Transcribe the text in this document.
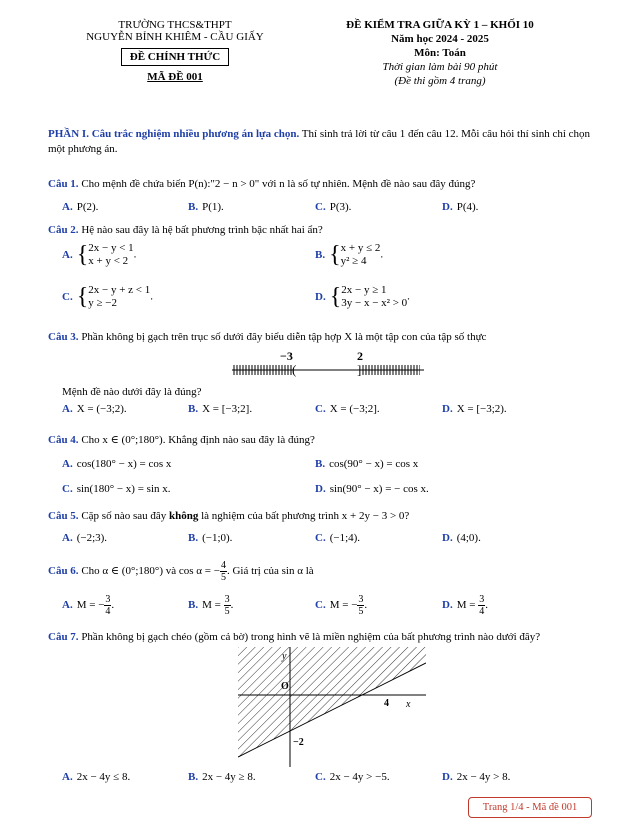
TRƯỜNG THCS&THPT
NGUYỄN BỈNH KHIÊM - CẦU GIẤY
ĐỀ CHÍNH THỨC
MÃ ĐỀ 001
ĐỀ KIỂM TRA GIỮA KỲ 1 – KHỐI 10
Năm học 2024 - 2025
Môn: Toán
Thời gian làm bài 90 phút
(Đề thi gồm 4 trang)
PHẦN I. Câu trắc nghiệm nhiều phương án lựa chọn. Thí sinh trả lời từ câu 1 đến câu 12. Mỗi câu hỏi thí sinh chỉ chọn một phương án.
Câu 1. Cho mệnh đề chứa biến P(n):"2 − n > 0" với n là số tự nhiên. Mệnh đề nào sau đây đúng?
A. P(2).	B. P(1).	C. P(3).	D. P(4).
Câu 2. Hệ nào sau đây là hệ bất phương trình bậc nhất hai ẩn?
A. {2x − y < 1
x + y < 2.	B. {x + y ≤ 2
y² ≥ 4.
C. {2x − y + z < 1
y ≥ −2.	D. {2x − y ≥ 1
3y − x − x² > 0.
Câu 3. Phần không bị gạch trên trục số dưới đây biểu diễn tập hợp X là một tập con của tập số thực
(	]
−3	2
Mệnh đề nào dưới đây là đúng?
A. X = (−3;2).	B. X = [−3;2].	C. X = (−3;2].	D. X = [−3;2).
Câu 4. Cho x ∈ (0°;180°). Khẳng định nào sau đây là đúng?
A. cos(180° − x) = cos x	B. cos(90° − x) = cos x
C. sin(180° − x) = sin x.	D. sin(90° − x) = − cos x.
Câu 5. Cặp số nào sau đây không là nghiệm của bất phương trình x + 2y − 3 > 0?
A. (−2;3).	B. (−1;0).	C. (−1;4).	D. (4;0).
Câu 6. Cho α ∈ (0°;180°) và cos α = − $\frac{4}{5}$ . Giá trị của sin α là
A. M = − $\frac{3}{4}$ .	B. $M = \frac{3}{5}$ .	C. M = − $\frac{3}{5}$ .	D. $M = \frac{3}{4}$ .
Câu 7. Phần không bị gạch chéo (gồm cả bờ) trong hình vẽ là miền nghiệm của bất phương trình nào dưới đây?
y
x
O
4
−2
A. 2x − 4y ≤ 8.	B. 2x − 4y ≥ 8.	C. 2x − 4y > −5.	D. 2x − 4y > 8.
Trang 1/4 - Mã đề 001
